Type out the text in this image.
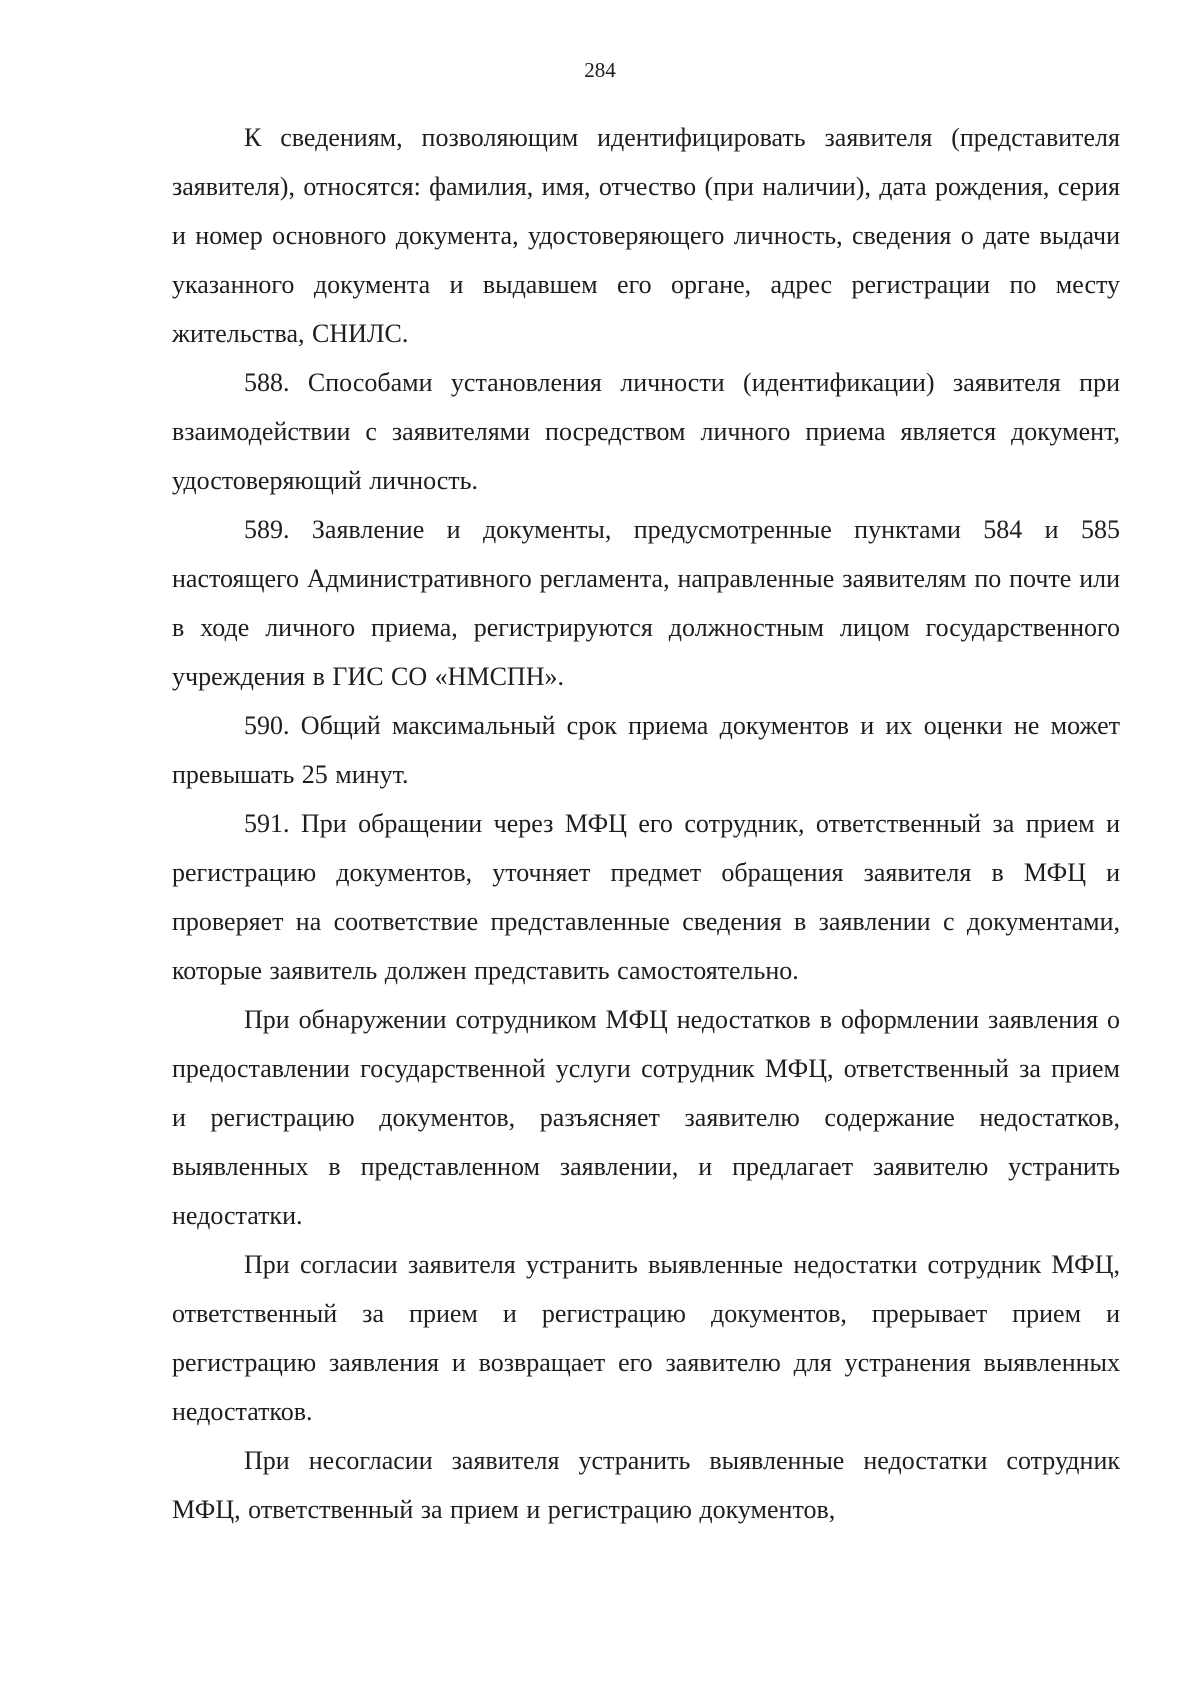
284

К сведениям, позволяющим идентифицировать заявителя (представителя заявителя), относятся: фамилия, имя, отчество (при наличии), дата рождения, серия и номер основного документа, удостоверяющего личность, сведения о дате выдачи указанного документа и выдавшем его органе, адрес регистрации по месту жительства, СНИЛС.

588. Способами установления личности (идентификации) заявителя при взаимодействии с заявителями посредством личного приема является документ, удостоверяющий личность.

589. Заявление и документы, предусмотренные пунктами 584 и 585 настоящего Административного регламента, направленные заявителям по почте или в ходе личного приема, регистрируются должностным лицом государственного учреждения в ГИС СО «НМСПН».

590. Общий максимальный срок приема документов и их оценки не может превышать 25 минут.

591. При обращении через МФЦ его сотрудник, ответственный за прием и регистрацию документов, уточняет предмет обращения заявителя в МФЦ и проверяет на соответствие представленные сведения в заявлении с документами, которые заявитель должен представить самостоятельно.

При обнаружении сотрудником МФЦ недостатков в оформлении заявления о предоставлении государственной услуги сотрудник МФЦ, ответственный за прием и регистрацию документов, разъясняет заявителю содержание недостатков, выявленных в представленном заявлении, и предлагает заявителю устранить недостатки.

При согласии заявителя устранить выявленные недостатки сотрудник МФЦ, ответственный за прием и регистрацию документов, прерывает прием и регистрацию заявления и возвращает его заявителю для устранения выявленных недостатков.

При несогласии заявителя устранить выявленные недостатки сотрудник МФЦ, ответственный за прием и регистрацию документов,
